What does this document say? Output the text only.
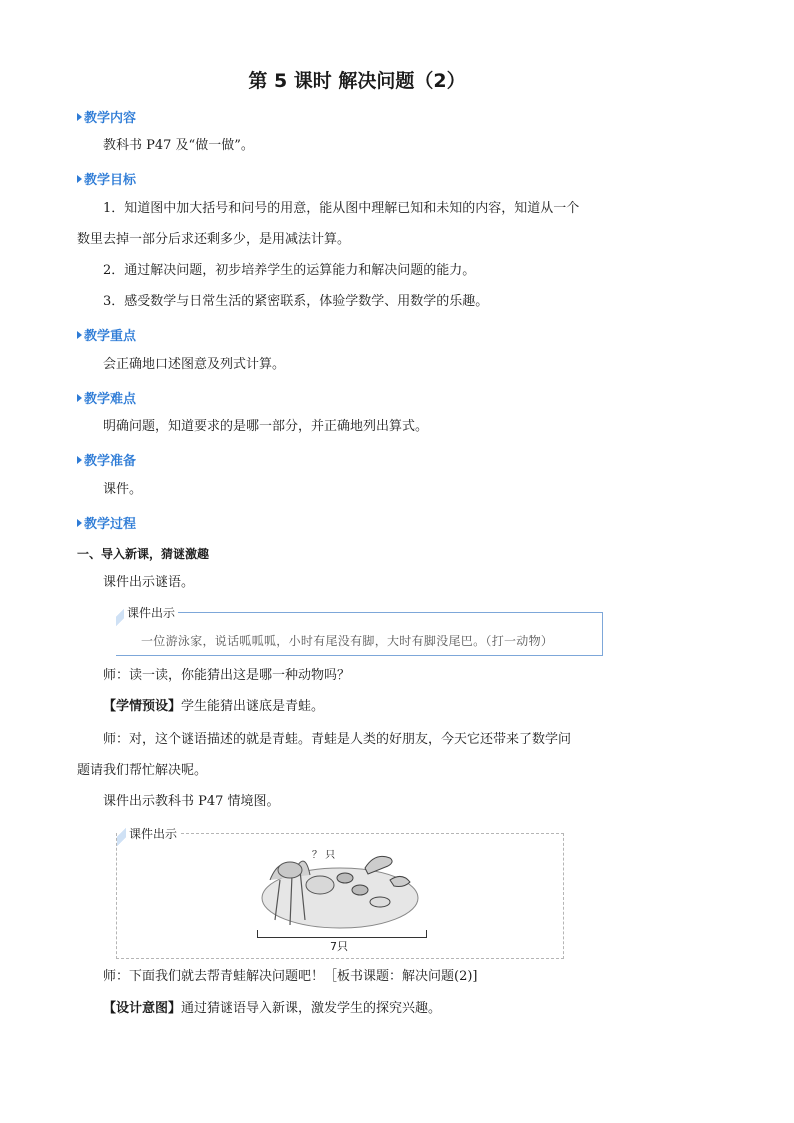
第 5 课时 解决问题（2）
教学内容
教科书 P47 及“做一做”。
教学目标
1．知道图中加大括号和问号的用意，能从图中理解已知和未知的内容，知道从一个
数里去掉一部分后求还剩多少，是用减法计算。
2．通过解决问题，初步培养学生的运算能力和解决问题的能力。
3．感受数学与日常生活的紧密联系，体验学数学、用数学的乐趣。
教学重点
会正确地口述图意及列式计算。
教学难点
明确问题，知道要求的是哪一部分，并正确地列出算式。
教学准备
课件。
教学过程
一、导入新课，猜谜激趣
课件出示谜语。
课件出示
一位游泳家，说话呱呱呱，小时有尾没有脚，大时有脚没尾巴。（打一动物）
师：读一读，你能猜出这是哪一种动物吗？
【学情预设】学生能猜出谜底是青蛙。
师：对，这个谜语描述的就是青蛙。青蛙是人类的好朋友，今天它还带来了数学问
题请我们帮忙解决呢。
课件出示教科书 P47 情境图。
课件出示
？ 只
7只
师：下面我们就去帮青蛙解决问题吧！［板书课题：解决问题(2)]
【设计意图】通过猜谜语导入新课，激发学生的探究兴趣。
